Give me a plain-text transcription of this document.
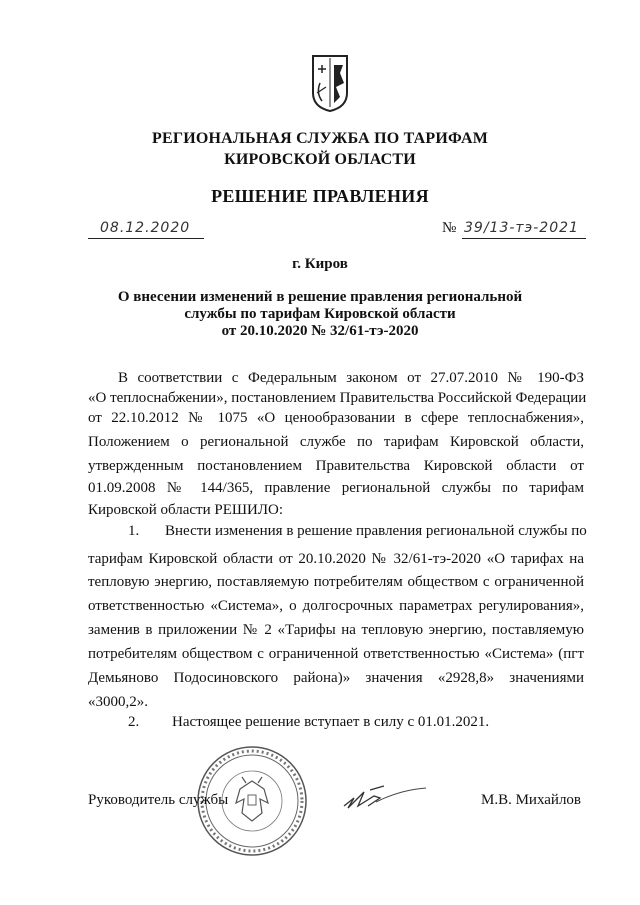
РЕГИОНАЛЬНАЯ СЛУЖБА ПО ТАРИФАМ
КИРОВСКОЙ ОБЛАСТИ
РЕШЕНИЕ ПРАВЛЕНИЯ
08.12.2020	№ 39/13-тэ-2021
г. Киров
О внесении изменений в решение правления региональной
службы по тарифам Кировской области
от 20.10.2020 № 32/61-тэ-2020
В соответствии с Федеральным законом от 27.07.2010 № 190-ФЗ
«О теплоснабжении», постановлением Правительства Российской Федерации
от 22.10.2012 № 1075 «О ценообразовании в сфере теплоснабжения»,
Положением о региональной службе по тарифам Кировской области,
утвержденным постановлением Правительства Кировской области от
01.09.2008 № 144/365, правление региональной службы по тарифам
Кировской области РЕШИЛО:
1. Внести изменения в решение правления региональной службы по
тарифам Кировской области от 20.10.2020 № 32/61-тэ-2020 «О тарифах на
тепловую энергию, поставляемую потребителям обществом с ограниченной
ответственностью «Система», о долгосрочных параметрах регулирования»,
заменив в приложении № 2 «Тарифы на тепловую энергию, поставляемую
потребителям обществом с ограниченной ответственностью «Система» (пгт
Демьяново Подосиновского района)» значения «2928,8» значениями
«3000,2».
2. Настоящее решение вступает в силу с 01.01.2021.
Руководитель службы	М.В. Михайлов
